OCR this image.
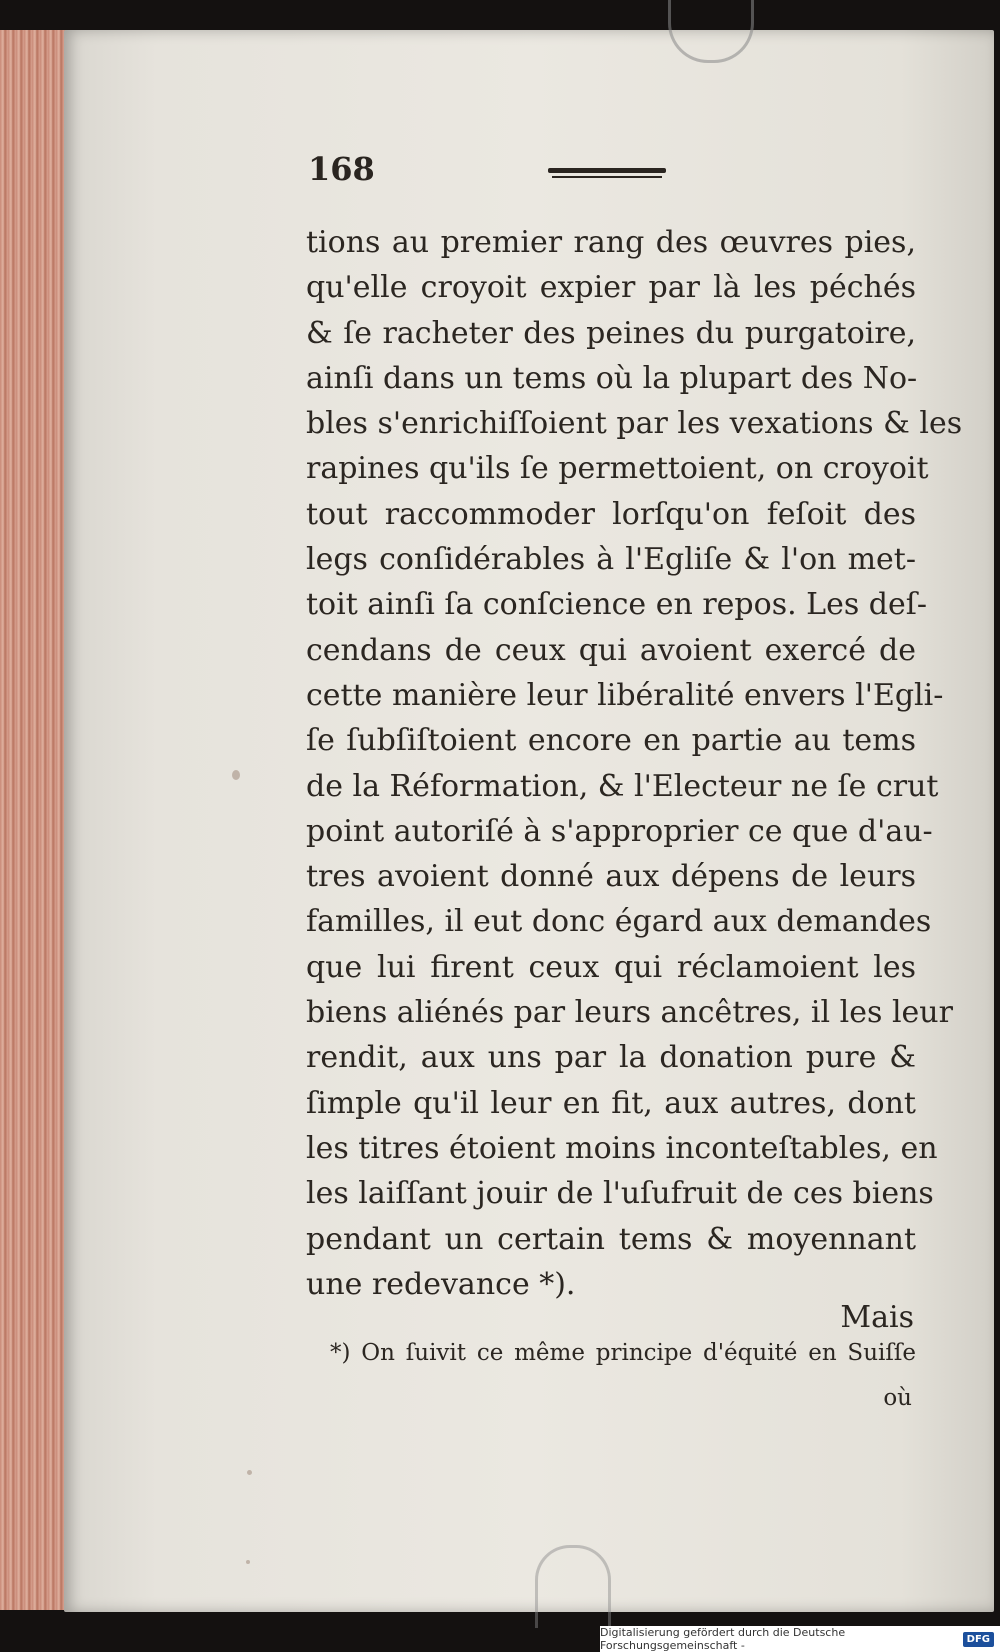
168
tions au premier rang des œuvres pies,
qu'elle croyoit expier par là les péchés
& ſe racheter des peines du purgatoire,
ainſi dans un tems où la plupart des No-
bles s'enrichiſſoient par les vexations & les
rapines qu'ils ſe permettoient, on croyoit
tout raccommoder lorſqu'on feſoit des
legs conſidérables à l'Egliſe & l'on met-
toit ainſi ſa conſcience en repos. Les deſ-
cendans de ceux qui avoient exercé de
cette manière leur libéralité envers l'Egli-
ſe ſubſiſtoient encore en partie au tems
de la Réformation, & l'Electeur ne ſe crut
point autoriſé à s'approprier ce que d'au-
tres avoient donné aux dépens de leurs
familles, il eut donc égard aux demandes
que lui firent ceux qui réclamoient les
biens aliénés par leurs ancêtres, il les leur
rendit, aux uns par la donation pure &
ſimple qu'il leur en fit, aux autres, dont
les titres étoient moins inconteſtables, en
les laiſſant jouir de l'uſufruit de ces biens
pendant un certain tems & moyennant
une redevance *).
Mais
*) On ſuivit ce même principe d'équité en Suiſſe
où
Digitalisierung gefördert durch die Deutsche Forschungsgemeinschaft -	DFG
